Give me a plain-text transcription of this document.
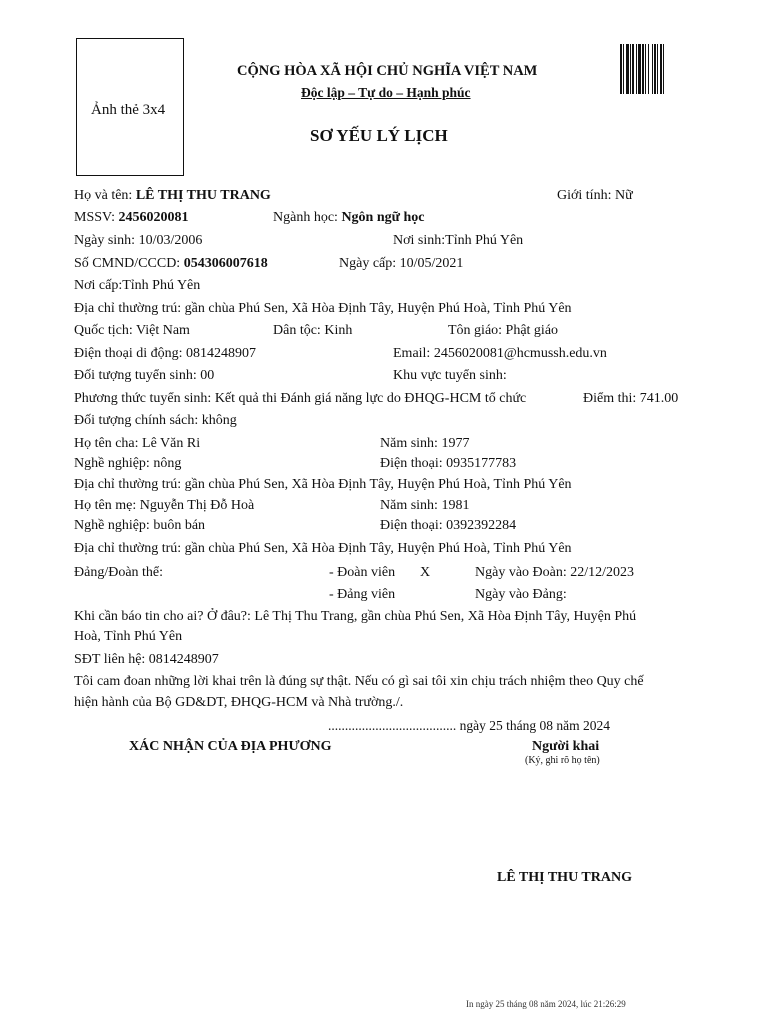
Ảnh thẻ 3x4
CỘNG HÒA XÃ HỘI CHỦ NGHĨA VIỆT NAM
Độc lập – Tự do – Hạnh phúc
SƠ YẾU LÝ LỊCH
Họ và tên: LÊ THỊ THU TRANG	Giới tính: Nữ
MSSV: 2456020081	Ngành học: Ngôn ngữ học
Ngày sinh: 10/03/2006	Nơi sinh:Tỉnh Phú Yên
Số CMND/CCCD: 054306007618	Ngày cấp: 10/05/2021
Nơi cấp:Tỉnh Phú Yên
Địa chỉ thường trú: gần chùa Phú Sen, Xã Hòa Định Tây, Huyện Phú Hoà, Tỉnh Phú Yên
Quốc tịch: Việt Nam	Dân tộc: Kinh	Tôn giáo: Phật giáo
Điện thoại di động: 0814248907	Email: 2456020081@hcmussh.edu.vn
Đối tượng tuyển sinh: 00	Khu vực tuyển sinh:
Phương thức tuyển sinh: Kết quả thi Đánh giá năng lực do ĐHQG-HCM tổ chức	Điểm thi: 741.00
Đối tượng chính sách: không
Họ tên cha: Lê Văn Ri	Năm sinh: 1977
Nghề nghiệp: nông	Điện thoại: 0935177783
Địa chỉ thường trú: gần chùa Phú Sen, Xã Hòa Định Tây, Huyện Phú Hoà, Tỉnh Phú Yên
Họ tên mẹ: Nguyễn Thị Đỗ Hoà	Năm sinh: 1981
Nghề nghiệp: buôn bán	Điện thoại: 0392392284
Địa chỉ thường trú: gần chùa Phú Sen, Xã Hòa Định Tây, Huyện Phú Hoà, Tỉnh Phú Yên
Đảng/Đoàn thể:	- Đoàn viên X	Ngày vào Đoàn: 22/12/2023
- Đảng viên	Ngày vào Đảng:
Khi cần báo tin cho ai? Ở đâu?: Lê Thị Thu Trang, gần chùa Phú Sen, Xã Hòa Định Tây, Huyện Phú
Hoà, Tỉnh Phú Yên
SĐT liên hệ: 0814248907
Tôi cam đoan những lời khai trên là đúng sự thật. Nếu có gì sai tôi xin chịu trách nhiệm theo Quy chế
hiện hành của Bộ GD&DT, ĐHQG-HCM và Nhà trường./.
...................................... ngày 25 tháng 08 năm 2024
XÁC NHẬN CỦA ĐỊA PHƯƠNG	Người khai
(Ký, ghi rõ họ tên)
LÊ THỊ THU TRANG
In ngày 25 tháng 08 năm 2024, lúc 21:26:29
